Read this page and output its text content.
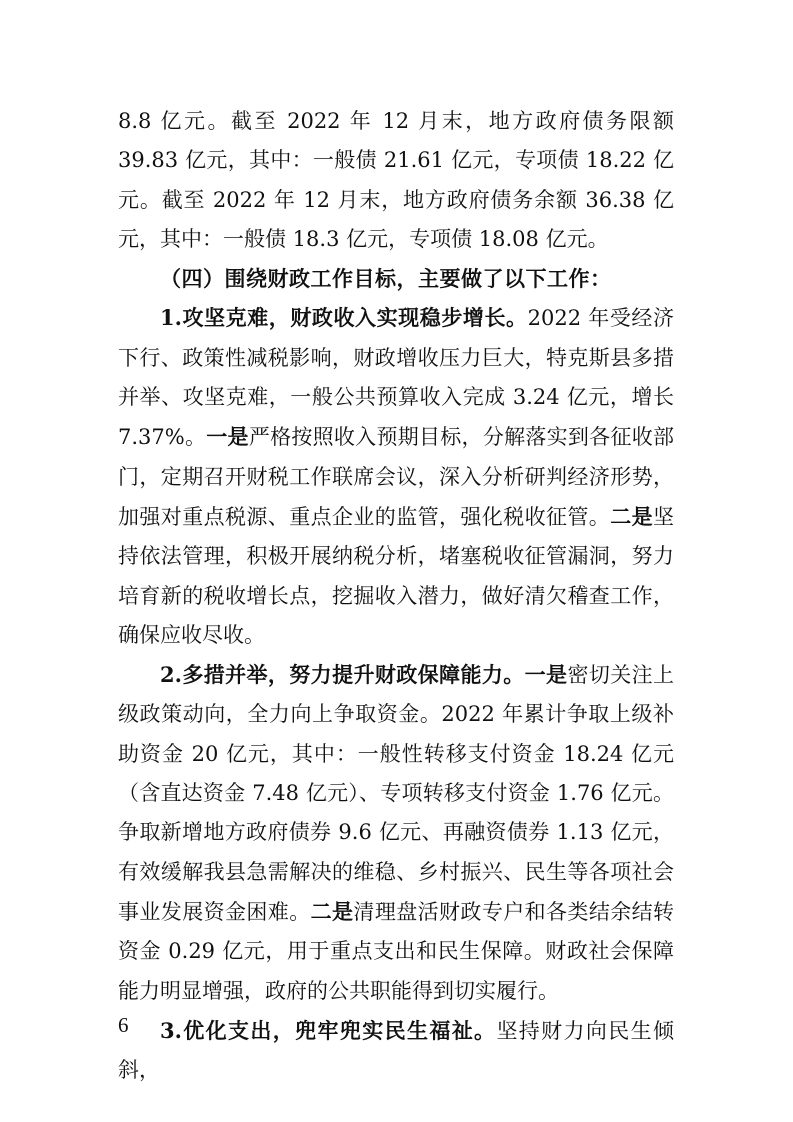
8.8 亿元。截至 2022 年 12 月末，地方政府债务限额 39.83 亿元，其中：一般债 21.61 亿元，专项债 18.22 亿元。截至 2022 年 12 月末，地方政府债务余额 36.38 亿元，其中：一般债 18.3 亿元，专项债 18.08 亿元。

（四）围绕财政工作目标，主要做了以下工作：

1.攻坚克难，财政收入实现稳步增长。2022 年受经济下行、政策性减税影响，财政增收压力巨大，特克斯县多措并举、攻坚克难，一般公共预算收入完成 3.24 亿元，增长 7.37%。一是严格按照收入预期目标，分解落实到各征收部门，定期召开财税工作联席会议，深入分析研判经济形势，加强对重点税源、重点企业的监管，强化税收征管。二是坚持依法管理，积极开展纳税分析，堵塞税收征管漏洞，努力培育新的税收增长点，挖掘收入潜力，做好清欠稽查工作，确保应收尽收。

2.多措并举，努力提升财政保障能力。一是密切关注上级政策动向，全力向上争取资金。2022 年累计争取上级补助资金 20 亿元，其中：一般性转移支付资金 18.24 亿元（含直达资金 7.48 亿元）、专项转移支付资金 1.76 亿元。争取新增地方政府债券 9.6 亿元、再融资债券 1.13 亿元，有效缓解我县急需解决的维稳、乡村振兴、民生等各项社会事业发展资金困难。二是清理盘活财政专户和各类结余结转资金 0.29 亿元，用于重点支出和民生保障。财政社会保障能力明显增强，政府的公共职能得到切实履行。

3.优化支出，兜牢兜实民生福祉。坚持财力向民生倾斜，

6
